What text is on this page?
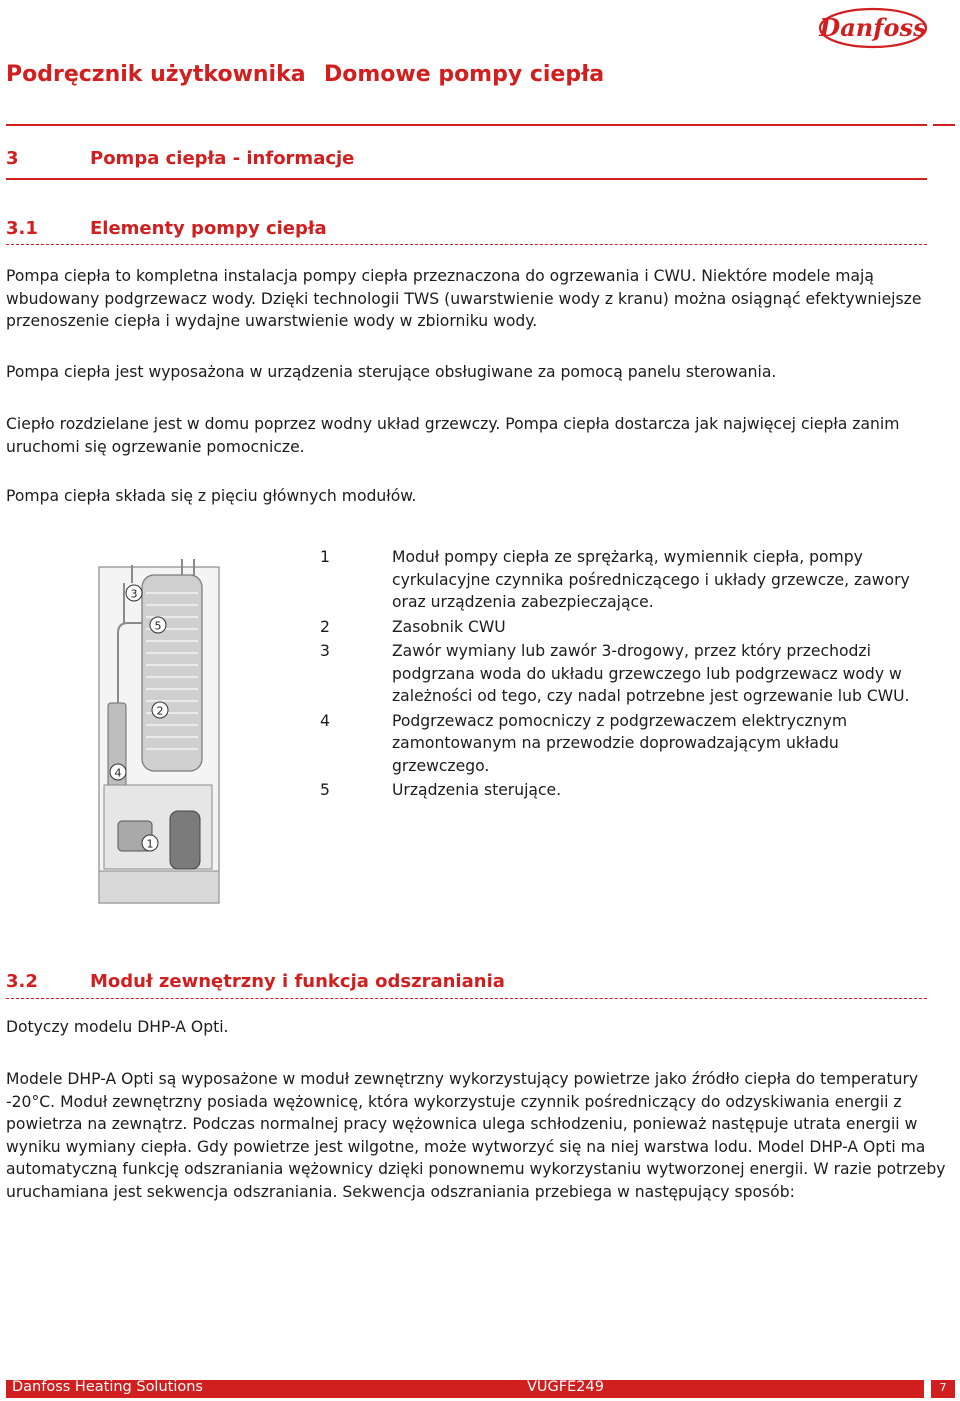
Danfoss
Podręcznik użytkownika Domowe pompy ciepła
3	Pompa ciepła - informacje
3.1	Elementy pompy ciepła
Pompa ciepła to kompletna instalacja pompy ciepła przeznaczona do ogrzewania i CWU. Niektóre modele mają wbudowany podgrzewacz wody. Dzięki technologii TWS (uwarstwienie wody z kranu) można osiągnąć efektywniejsze przenoszenie ciepła i wydajne uwarstwienie wody w zbiorniku wody.
Pompa ciepła jest wyposażona w urządzenia sterujące obsługiwane za pomocą panelu sterowania.
Ciepło rozdzielane jest w domu poprzez wodny układ grzewczy. Pompa ciepła dostarcza jak najwięcej ciepła zanim uruchomi się ogrzewanie pomocnicze.
Pompa ciepła składa się z pięciu głównych modułów.
3
5
2
4
1
1	Moduł pompy ciepła ze sprężarką, wymiennik ciepła, pompy cyrkulacyjne czynnika pośredniczącego i układy grzewcze, zawory oraz urządzenia zabezpieczające.
2	Zasobnik CWU
3	Zawór wymiany lub zawór 3-drogowy, przez który przechodzi podgrzana woda do układu grzewczego lub podgrzewacz wody w zależności od tego, czy nadal potrzebne jest ogrzewanie lub CWU.
4	Podgrzewacz pomocniczy z podgrzewaczem elektrycznym zamontowanym na przewodzie doprowadzającym układu grzewczego.
5	Urządzenia sterujące.
3.2	Moduł zewnętrzny i funkcja odszraniania
Dotyczy modelu DHP-A Opti.
Modele DHP-A Opti są wyposażone w moduł zewnętrzny wykorzystujący powietrze jako źródło ciepła do temperatury -20°C. Moduł zewnętrzny posiada wężownicę, która wykorzystuje czynnik pośredniczący do odzyskiwania energii z powietrza na zewnątrz. Podczas normalnej pracy wężownica ulega schłodzeniu, ponieważ następuje utrata energii w wyniku wymiany ciepła. Gdy powietrze jest wilgotne, może wytworzyć się na niej warstwa lodu. Model DHP-A Opti ma automatyczną funkcję odszraniania wężownicy dzięki ponownemu wykorzystaniu wytworzonej energii. W razie potrzeby uruchamiana jest sekwencja odszraniania. Sekwencja odszraniania przebiega w następujący sposób:
Danfoss Heating Solutions	VUGFE249	7
